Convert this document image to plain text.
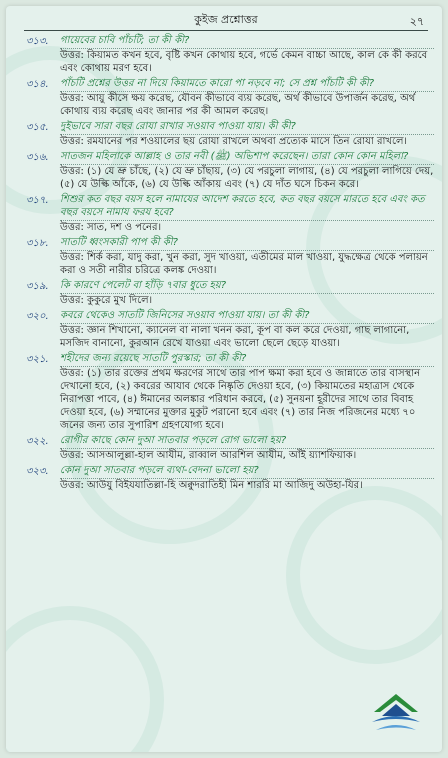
কুইজ প্রশ্নোত্তর	২৭
৩১৩.	গায়েবের চাবি পাঁচটি; তা কী কী?
উত্তর: কিয়ামত কখন হবে, বৃষ্টি কখন কোথায় হবে, গর্ভে কেমন বাচ্চা আছে, কাল কে কী করবে এবং কোথায় মরণ হবে।
৩১৪.	পাঁচটি প্রশ্নের উত্তর না দিয়ে কিয়ামতে কারো পা নড়বে না; সে প্রশ্ন পাঁচটি কী কী?
উত্তর: আয়ু কীসে ক্ষয় করেছ, যৌবন কীভাবে ব্যয় করেছ, অর্থ কীভাবে উপার্জন করেছ, অর্থ কোথায় ব্যয় করেছ এবং জানার পর কী আমল করেছ।
৩১৫.	দুইভাবে সারা বছর রোযা রাখার সওয়াব পাওয়া যায়। কী কী?
উত্তর: রমযানের পর শওয়ালের ছয় রোযা রাখলে অথবা প্রত্যেক মাসে তিন রোযা রাখলে।
৩১৬.	সাতজন মহিলাকে আল্লাহ ও তার নবী (ﷺ) অভিশাপ করেছেন। তারা কোন কোন মহিলা?
উত্তর: (১) যে ভ্রু চাঁছে, (২) যে ভ্রু চাঁছায়, (৩) যে পরচুলা লাগায়, (৪) যে পরচুলা লাগিয়ে দেয়, (৫) যে উল্কি আঁকে, (৬) যে উল্কি আঁকায় এবং (৭) যে দাঁত ঘসে চিকন করে।
৩১৭.	শিশুর কত বছর বয়স হলে নামাযের আদেশ করতে হবে, কত বছর বয়সে মারতে হবে এবং কত বছর বয়সে নামায ফরয হবে?
উত্তর: সাত, দশ ও পনের।
৩১৮.	সাতটি ধ্বংসকারী পাপ কী কী?
উত্তর: শির্ক করা, যাদু করা, খুন করা, সুদ খাওয়া, এতীমের মাল খাওয়া, যুদ্ধক্ষেত্র থেকে পলায়ন করা ও সতী নারীর চরিত্রে কলঙ্ক দেওয়া।
৩১৯.	কি কারণে পেলেট বা হাঁড়ি ৭বার ধুতে হয়?
উত্তর: কুকুরে মুখ দিলে।
৩২০.	কবরে থেকেও সাতটি জিনিসের সওয়াব পাওয়া যায়। তা কী কী?
উত্তর: জ্ঞান শিখানো, ক্যানেল বা নালা খনন করা, কূপ বা কল করে দেওয়া, গাছ লাগানো, মসজিদ বানানো, কুরআন রেখে যাওয়া এবং ভালো ছেলে ছেড়ে যাওয়া।
৩২১.	শহীদের জন্য রয়েছে সাতটি পুরস্কার; তা কী কী?
উত্তর: (১) তার রক্তের প্রথম ক্ষরণের সাথে তার পাপ ক্ষমা করা হবে ও জান্নাতে তার বাসস্থান দেখানো হবে, (২) কবরের আযাব থেকে নিষ্কৃতি দেওয়া হবে, (৩) কিয়ামতের মহাত্রাস থেকে নিরাপত্তা পাবে, (৪) ঈমানের অলঙ্কার পরিধান করবে, (৫) সুনয়না হূরীদের সাথে তার বিবাহ দেওয়া হবে, (৬) সম্মানের মুক্তার মুকুট পরানো হবে এবং (৭) তার নিজ পরিজনের মধ্যে ৭০ জনের জন্য তার সুপারিশ গ্রহণযোগ্য হবে।
৩২২.	রোগীর কাছে কোন দুআ সাতবার পড়লে রোগ ভালো হয়?
উত্তর: আসআলুল্লা-হাল আযীম, রাব্বাল আরশিল আযীম, আঁই য়্যাশফিয়াক।
৩২৩.	কোন দুআ সাতবার পড়লে ব্যথা-বেদনা ভালো হয়?
উত্তর: আউযু বিইযযাতিল্লা-হি অক্বুদরাতিহী মিন শাররি মা আজিদু অউহা-যির।
